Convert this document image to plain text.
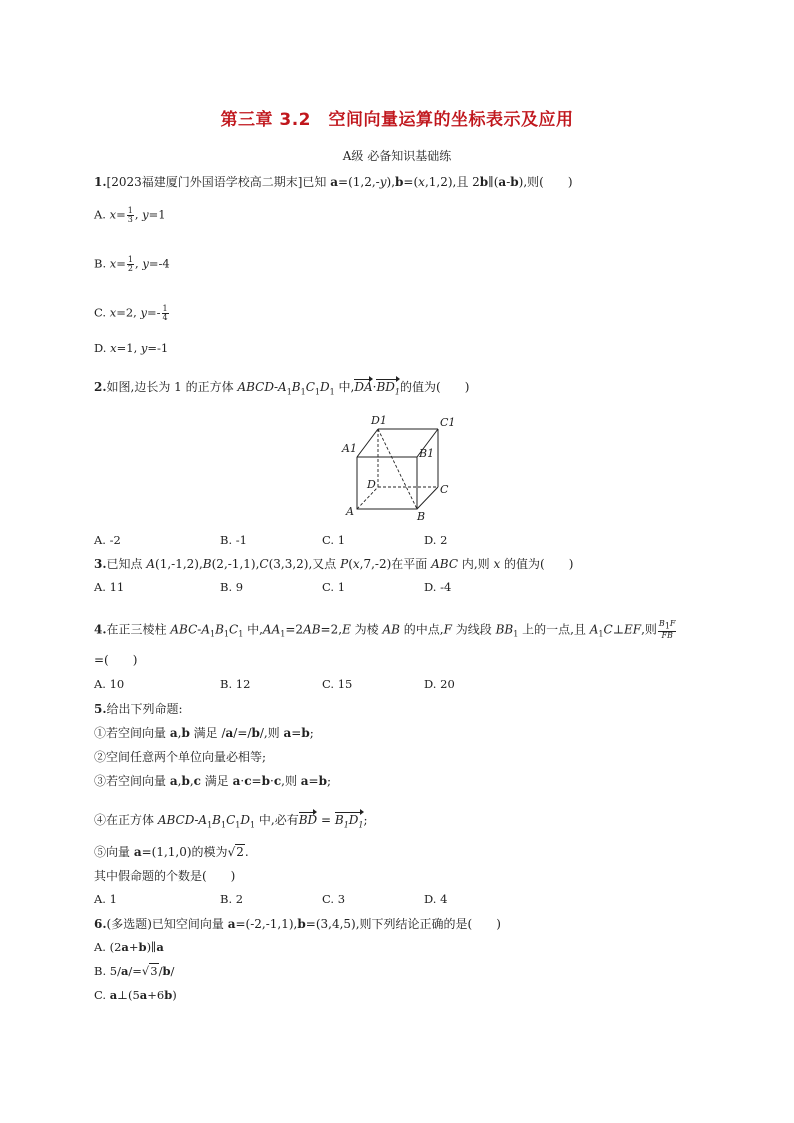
第三章 3.2　空间向量运算的坐标表示及应用
A级 必备知识基础练
1.[2023福建厦门外国语学校高二期末]已知 a=(1,2,-y),b=(x,1,2),且 2b∥(a-b),则(　　)
A. $x= \frac{1}{3}$ , y=1
B. $x= \frac{1}{2}$ , y=-4
C. x=2, $y=- \frac{1}{4}$
D. x=1, y=-1
2.如图,边长为 1 的正方体 ABCD-$A_1B_1C_1D_1$ 中$,DA\cdot BD_1$的值为(　　)
D1	C1
A1	B1
D	C
A	B
A. -2	B. -1	C. 1	D. 2
3.已知点 A(1,-1,2),B(2,-1,1),C(3,3,2),又点 P(x,7,-2)在平面 ABC 内,则 x 的值为(　　)
A. 11	B. 9	C. 1	D. -4
4.在正三棱柱 ABC-$A_1B_1C_1$ 中$,AA_1=2AB=2,E$ 为棱 AB 的中点,F 为线段 $BB_1$ 上的一点,且 $A_1C\perp EF$,则 $\frac{B_1F}{FB}$
=(　　)
A. 10	B. 12	C. 15	D. 20
5.给出下列命题:
①若空间向量 a,b 满足 /a/=/b/,则 a=b;
②空间任意两个单位向量必相等;
③若空间向量 a,b,c 满足 a·c=b·c,则 a=b;
④在正方体 ABCD-$A_1B_1C_1D_1$ 中,必有BD = $B_1D_1$;
⑤向量 a=(1,1,0)的模为√2.
其中假命题的个数是(　　)
A. 1	B. 2	C. 3	D. 4
6.(多选题)已知空间向量 a=(-2,-1,1),b=(3,4,5),则下列结论正确的是(　　)
A. (2a+b)∥a
B. 5/a/=√3/b/
C. a⊥(5a+6b)
